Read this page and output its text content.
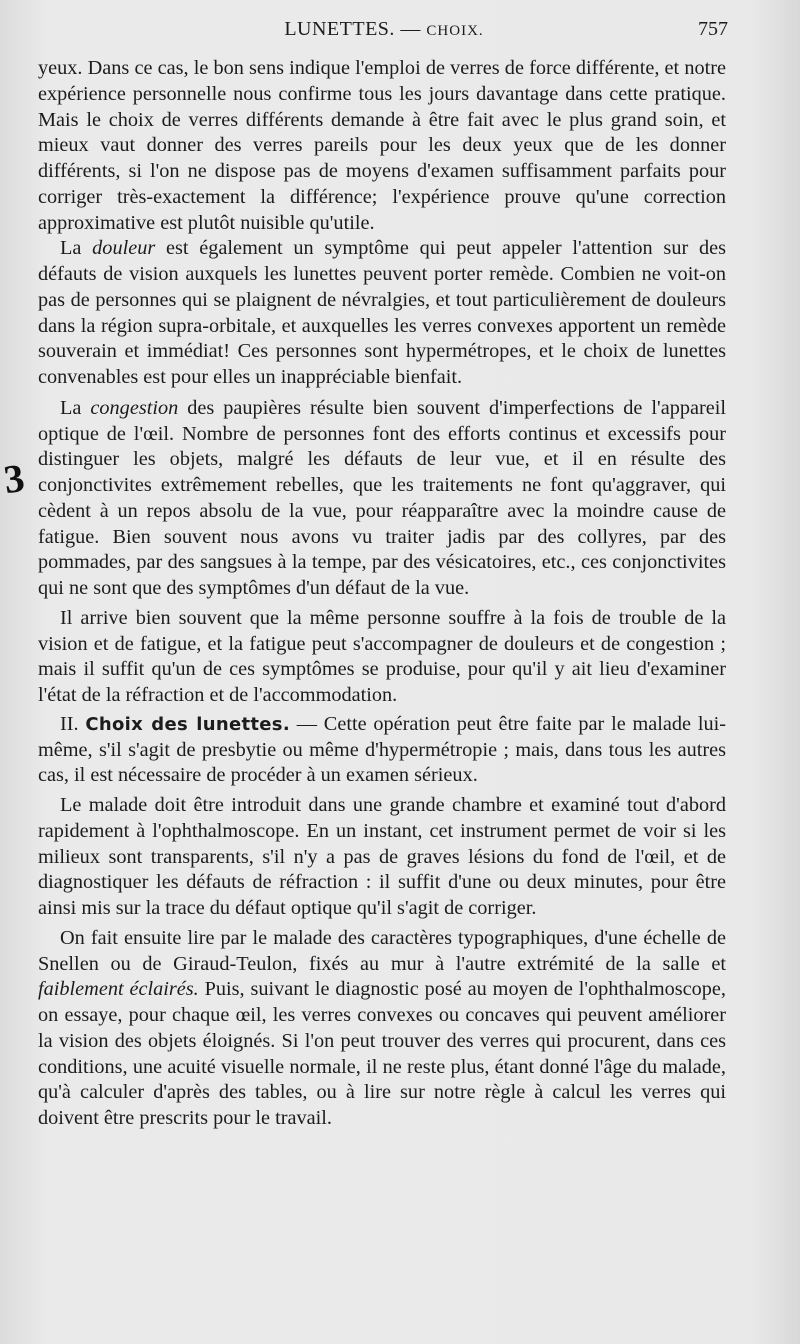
LUNETTES. — CHOIX.	757
3

yeux. Dans ce cas, le bon sens indique l'emploi de verres de force différente, et notre expérience personnelle nous confirme tous les jours davantage dans cette pratique. Mais le choix de verres différents demande à être fait avec le plus grand soin, et mieux vaut donner des verres pareils pour les deux yeux que de les donner différents, si l'on ne dispose pas de moyens d'examen suffisamment parfaits pour corriger très-exactement la différence; l'expérience prouve qu'une correction approximative est plutôt nuisible qu'utile.

La douleur est également un symptôme qui peut appeler l'attention sur des défauts de vision auxquels les lunettes peuvent porter remède. Combien ne voit-on pas de personnes qui se plaignent de névralgies, et tout particulièrement de douleurs dans la région supra-orbitale, et auxquelles les verres convexes apportent un remède souverain et immédiat! Ces personnes sont hypermétropes, et le choix de lunettes convenables est pour elles un inappréciable bienfait.

La congestion des paupières résulte bien souvent d'imperfections de l'appareil optique de l'œil. Nombre de personnes font des efforts continus et excessifs pour distinguer les objets, malgré les défauts de leur vue, et il en résulte des conjonctivites extrêmement rebelles, que les traitements ne font qu'aggraver, qui cèdent à un repos absolu de la vue, pour réapparaître avec la moindre cause de fatigue. Bien souvent nous avons vu traiter jadis par des collyres, par des pommades, par des sangsues à la tempe, par des vésicatoires, etc., ces conjonctivites qui ne sont que des symptômes d'un défaut de la vue.

Il arrive bien souvent que la même personne souffre à la fois de trouble de la vision et de fatigue, et la fatigue peut s'accompagner de douleurs et de congestion ; mais il suffit qu'un de ces symptômes se produise, pour qu'il y ait lieu d'examiner l'état de la réfraction et de l'accommodation.

II. Choix des lunettes. — Cette opération peut être faite par le malade lui-même, s'il s'agit de presbytie ou même d'hypermétropie ; mais, dans tous les autres cas, il est nécessaire de procéder à un examen sérieux.

Le malade doit être introduit dans une grande chambre et examiné tout d'abord rapidement à l'ophthalmoscope. En un instant, cet instrument permet de voir si les milieux sont transparents, s'il n'y a pas de graves lésions du fond de l'œil, et de diagnostiquer les défauts de réfraction : il suffit d'une ou deux minutes, pour être ainsi mis sur la trace du défaut optique qu'il s'agit de corriger.

On fait ensuite lire par le malade des caractères typographiques, d'une échelle de Snellen ou de Giraud-Teulon, fixés au mur à l'autre extrémité de la salle et faiblement éclairés. Puis, suivant le diagnostic posé au moyen de l'ophthalmoscope, on essaye, pour chaque œil, les verres convexes ou concaves qui peuvent améliorer la vision des objets éloignés. Si l'on peut trouver des verres qui procurent, dans ces conditions, une acuité visuelle normale, il ne reste plus, étant donné l'âge du malade, qu'à calculer d'après des tables, ou à lire sur notre règle à calcul les verres qui doivent être prescrits pour le travail.
